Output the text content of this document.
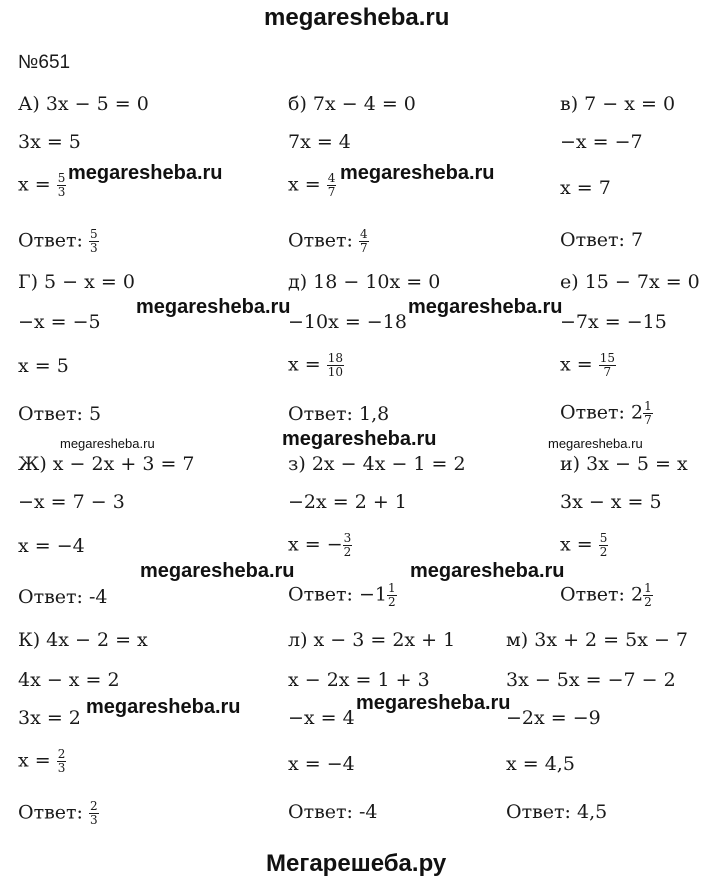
megaresheba.ru
№651
А) 3x − 5 = 0
3x = 5
$x = \frac{5}{3}$
Ответ: $\frac{5}{3}$
Г) 5 − x = 0
−x = −5
x = 5
Ответ: 5
Ж) x − 2x + 3 = 7
−x = 7 − 3
x = −4
Ответ: -4
К) 4x − 2 = x
4x − x = 2
3x = 2
$x = \frac{2}{3}$
Ответ: $\frac{2}{3}$
б) 7x − 4 = 0
7x = 4
$x = \frac{4}{7}$
Ответ: $\frac{4}{7}$
д) 18 − 10x = 0
−10x = −18
$x = \frac{18}{10}$
Ответ: 1,8
з) 2x − 4x − 1 = 2
−2x = 2 + 1
x = − $\frac{3}{2}$
Ответ: $-1 \frac{1}{2}$
л) x − 3 = 2x + 1
x − 2x = 1 + 3
−x = 4
x = −4
Ответ: -4
в) 7 − x = 0
−x = −7
x = 7
Ответ: 7
е) 15 − 7x = 0
−7x = −15
$x = \frac{15}{7}$
Ответ: $2 \frac{1}{7}$
и) 3x − 5 = x
3x − x = 5
$x = \frac{5}{2}$
Ответ: $2 \frac{1}{2}$
м) 3x + 2 = 5x − 7
3x − 5x = −7 − 2
−2x = −9
x = 4,5
Ответ: 4,5
megaresheba.ru	megaresheba.ru
megaresheba.ru	megaresheba.ru
megaresheba.ru	megaresheba.ru	megaresheba.ru
megaresheba.ru	megaresheba.ru
megaresheba.ru	megaresheba.ru
Мегарешеба.ру
